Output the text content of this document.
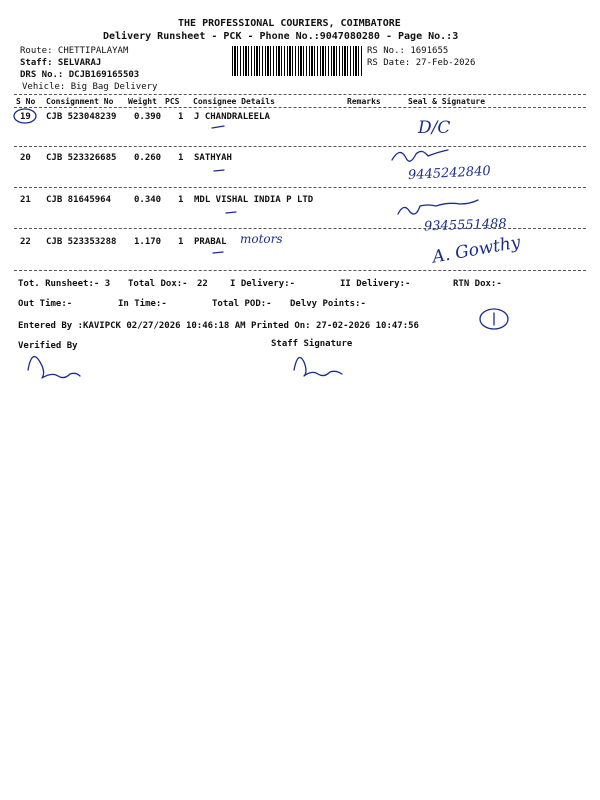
THE PROFESSIONAL COURIERS, COIMBATORE
Delivery Runsheet - PCK - Phone No.:9047080280 - Page No.:3
Route: CHETTIPALAYAM
Staff: SELVARAJ
DRS No.: DCJB169165503
Vehicle: Big Bag Delivery
RS No.: 1691655
RS Date: 27-Feb-2026
S No Consignment No Weight PCS Consignee Details	Remarks	Seal & Signature
19 CJB 523048239 0.390 1 J CHANDRALEELA
20 CJB 523326685 0.260 1 SATHYAH
21 CJB 81645964	0.340 1 MDL VISHAL INDIA P LTD
22 CJB 523353288 1.170 1 PRABAL
Tot. Runsheet:- 3 Total Dox:- 22 I Delivery:-	II Delivery:-	RTN Dox:-
Out Time:-	In Time:-	Total POD:- Delvy Points:-
Entered By :KAVIPCK 02/27/2026 10:46:18 AM Printed On: 27-02-2026 10:47:56
Verified By	Staff Signature
D/C
9445242840
9345551488
motors	A. Gowthy
